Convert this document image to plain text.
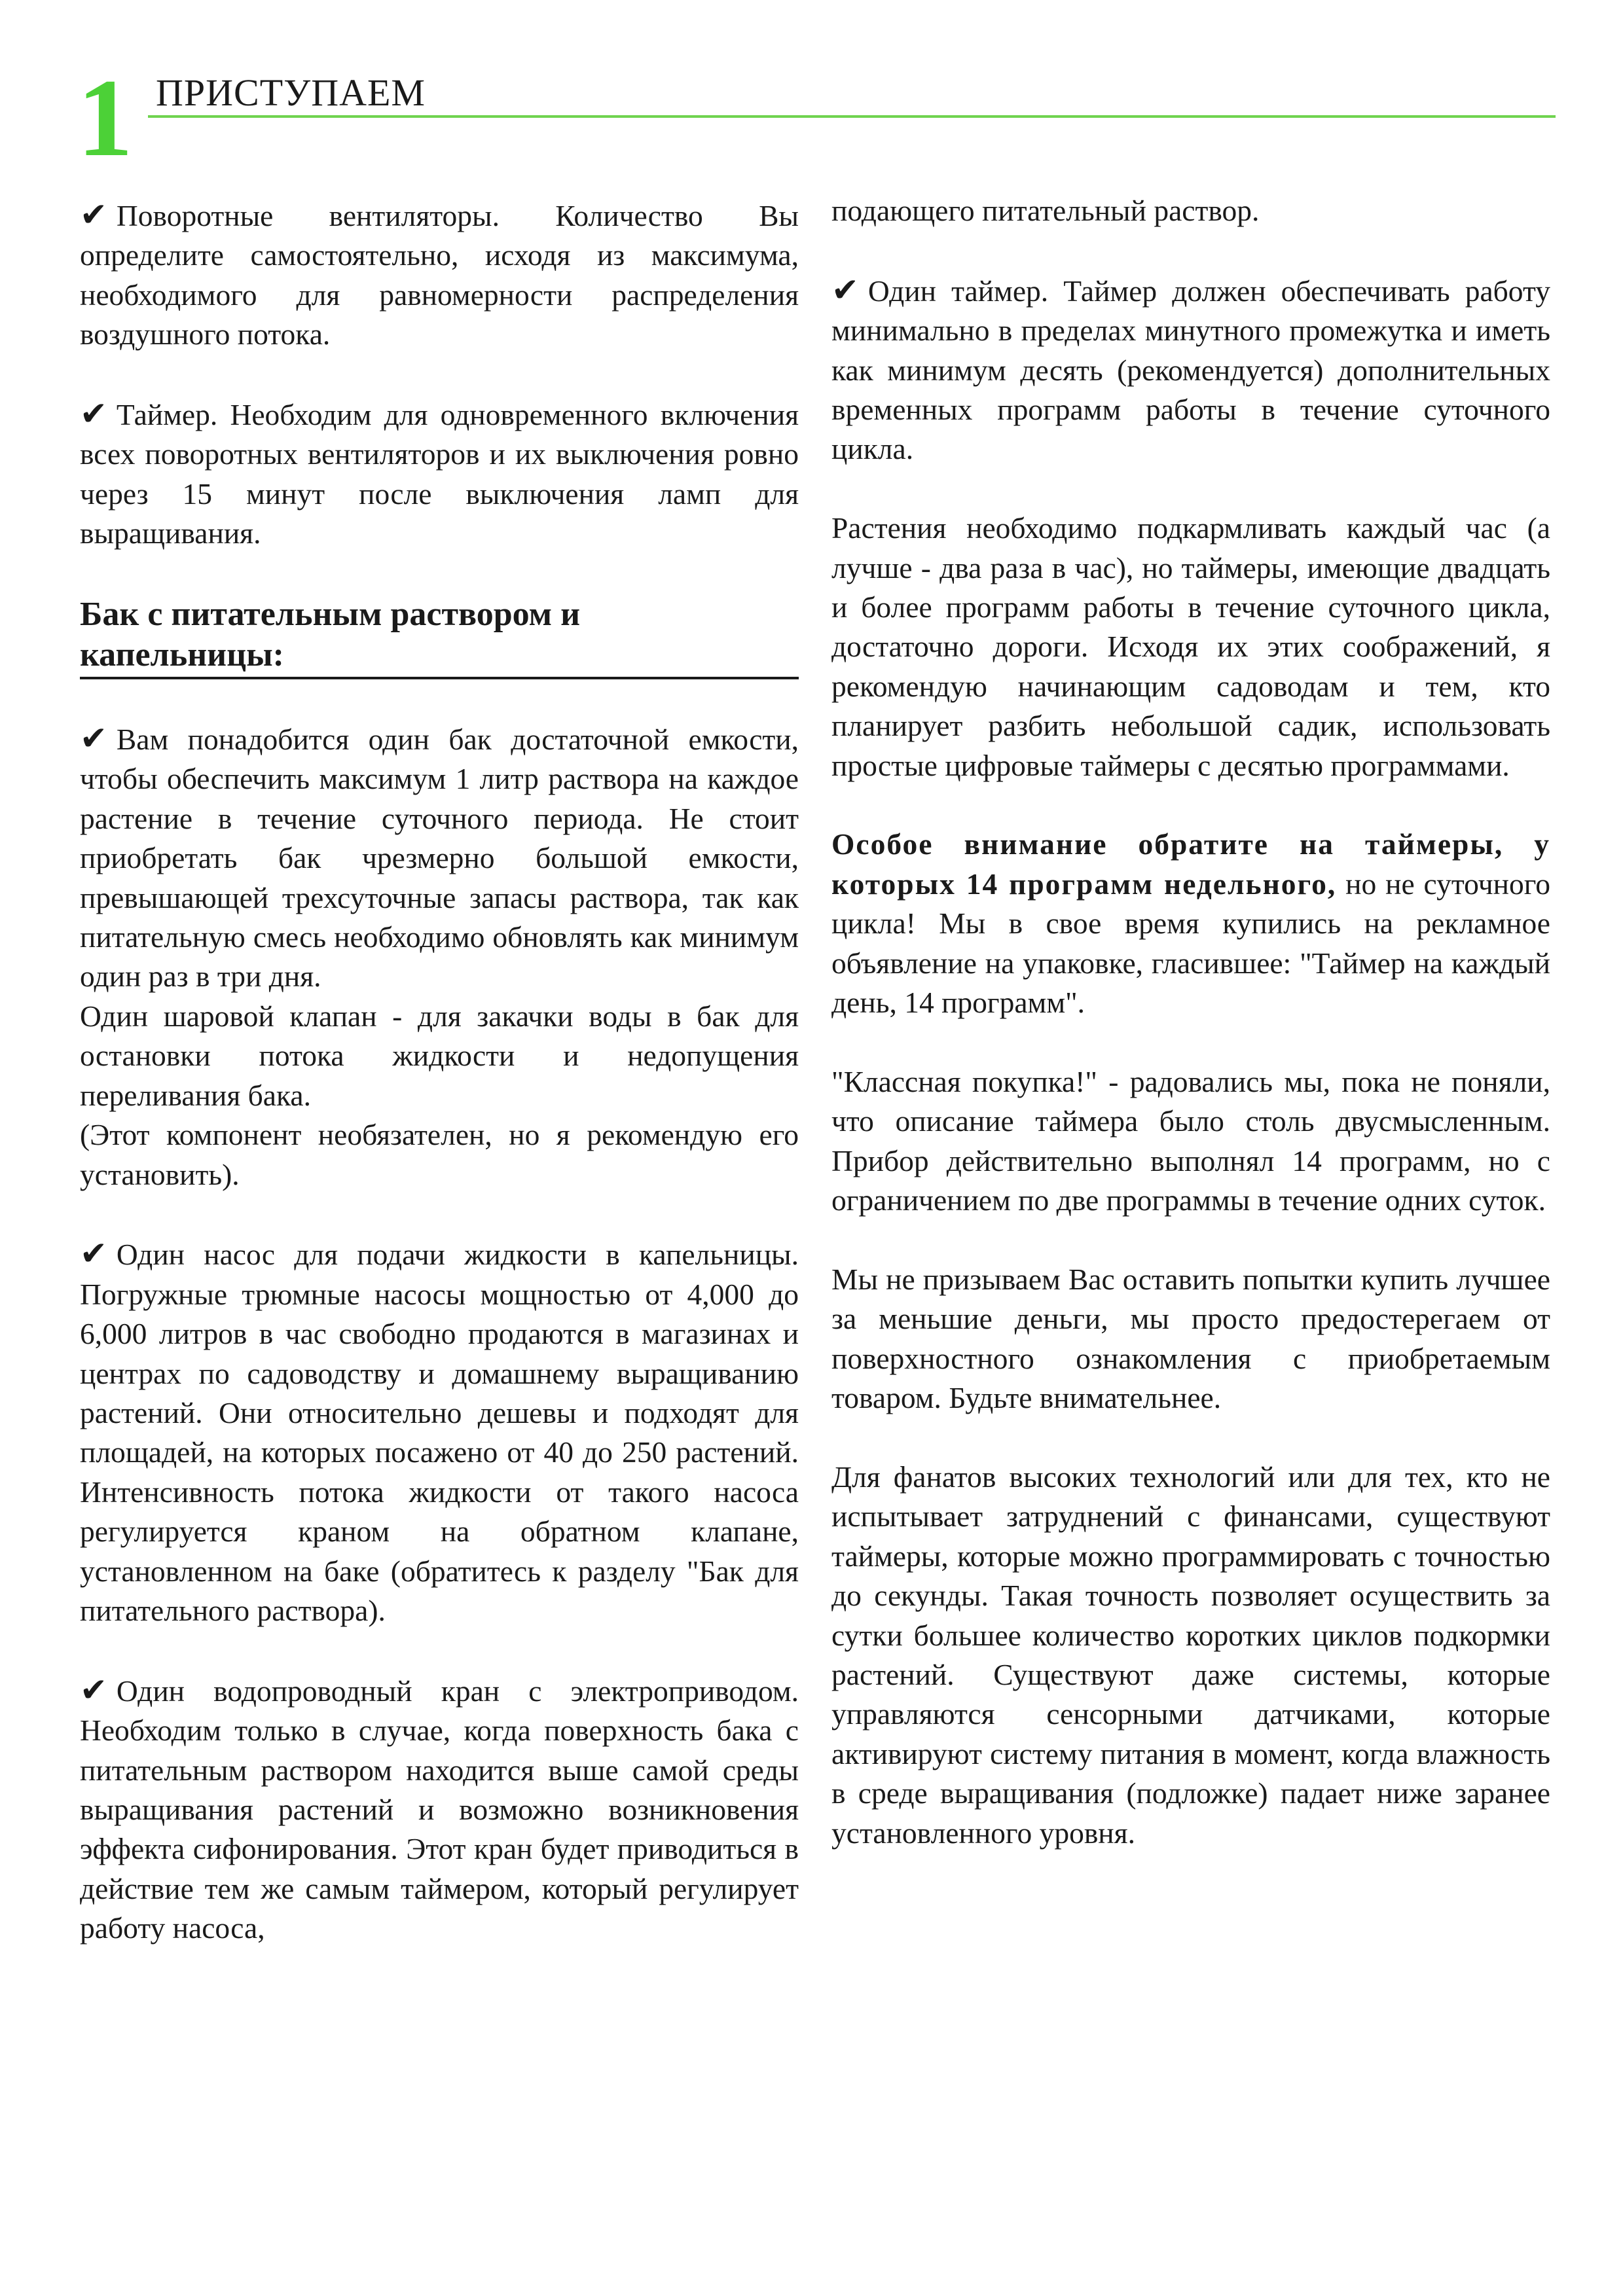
1 ПРИСТУПАЕМ

✔ Поворотные вентиляторы. Количество Вы определите самостоятельно, исходя из максимума, необходимого для равномерности распределения воздушного потока.

✔ Таймер. Необходим для одновременного включения всех поворотных вентиляторов и их выключения ровно через 15 минут после выключения ламп для выращивания.

Бак с питательным раствором и

капельницы:

✔ Вам понадобится один бак достаточной емкости, чтобы обеспечить максимум 1 литр раствора на каждое растение в течение суточного периода. Не стоит приобретать бак чрезмерно большой емкости, превышающей трехсуточные запасы раствора, так как питательную смесь необходимо обновлять как минимум один раз в три дня.

Один шаровой клапан - для закачки воды в бак для остановки потока жидкости и недопущения переливания бака.

(Этот компонент необязателен, но я рекомендую его установить).

✔ Один насос для подачи жидкости в капельницы. Погружные трюмные насосы мощностью от 4,000 до 6,000 литров в час свободно продаются в магазинах и центрах по садоводству и домашнему выращиванию растений. Они относительно дешевы и подходят для площадей, на которых посажено от 40 до 250 растений. Интенсивность потока жидкости от такого насоса регулируется краном на обратном клапане, установленном на баке (обратитесь к разделу "Бак для питательного раствора).

✔ Один водопроводный кран с электроприводом. Необходим только в случае, когда поверхность бака с питательным раствором находится выше самой среды выращивания растений и возможно возникновения эффекта сифонирования. Этот кран будет приводиться в действие тем же самым таймером, который регулирует работу насоса,

подающего питательный раствор.

✔ Один таймер. Таймер должен обеспечивать работу минимально в пределах минутного промежутка и иметь как минимум десять (рекомендуется) дополнительных временных программ работы в течение суточного цикла.

Растения необходимо подкармливать каждый час (а лучше - два раза в час), но таймеры, имеющие двадцать и более программ работы в течение суточного цикла, достаточно дороги. Исходя их этих соображений, я рекомендую начинающим садоводам и тем, кто планирует разбить небольшой садик, использовать простые цифровые таймеры с десятью программами.

Особое внимание обратите на таймеры, у которых 14 программ недельного, но не суточного цикла! Мы в свое время купились на рекламное объявление на упаковке, гласившее: "Таймер на каждый день, 14 программ".

"Классная покупка!" - радовались мы, пока не поняли, что описание таймера было столь двусмысленным. Прибор действительно выполнял 14 программ, но с ограничением по две программы в течение одних суток.

Мы не призываем Вас оставить попытки купить лучшее за меньшие деньги, мы просто предостерегаем от поверхностного ознакомления с приобретаемым товаром. Будьте внимательнее.

Для фанатов высоких технологий или для тех, кто не испытывает затруднений с финансами, существуют таймеры, которые можно программировать с точностью до секунды. Такая точность позволяет осуществить за сутки большее количество коротких циклов подкормки растений. Существуют даже системы, которые управляются сенсорными датчиками, которые активируют систему питания в момент, когда влажность в среде выращивания (подложке) падает ниже заранее установленного уровня.
